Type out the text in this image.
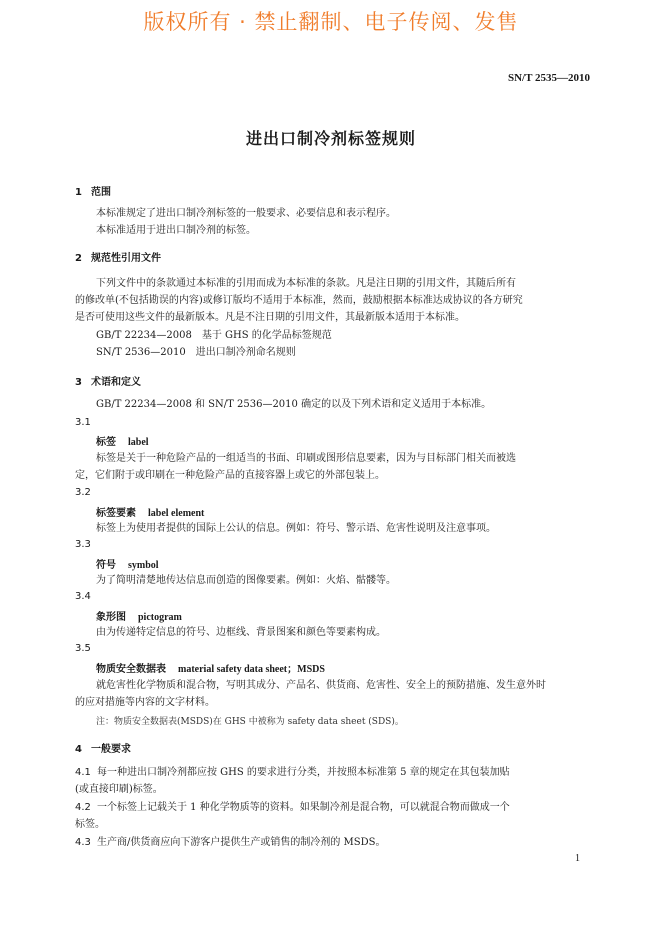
版权所有 · 禁止翻制、电子传阅、发售
SN/T 2535—2010
进出口制冷剂标签规则
1 范围
本标准规定了进出口制冷剂标签的一般要求、必要信息和表示程序。
本标准适用于进出口制冷剂的标签。
2 规范性引用文件
下列文件中的条款通过本标准的引用而成为本标准的条款。凡是注日期的引用文件，其随后所有
的修改单(不包括勘误的内容)或修订版均不适用于本标准，然而，鼓励根据本标准达成协议的各方研究
是否可使用这些文件的最新版本。凡是不注日期的引用文件，其最新版本适用于本标准。
GB/T 22234—2008　基于 GHS 的化学品标签规范
SN/T 2536—2010　进出口制冷剂命名规则
3 术语和定义
GB/T 22234—2008 和 SN/T 2536—2010 确定的以及下列术语和定义适用于本标准。
3.1
标签 label
标签是关于一种危险产品的一组适当的书面、印刷或图形信息要素，因为与目标部门相关而被选
定，它们附于或印刷在一种危险产品的直接容器上或它的外部包装上。
3.2
标签要素 label element
标签上为使用者提供的国际上公认的信息。例如：符号、警示语、危害性说明及注意事项。
3.3
符号 symbol
为了简明清楚地传达信息而创造的图像要素。例如：火焰、骷髅等。
3.4
象形图 pictogram
由为传递特定信息的符号、边框线、背景图案和颜色等要素构成。
3.5
物质安全数据表 material safety data sheet；MSDS
就危害性化学物质和混合物，写明其成分、产品名、供货商、危害性、安全上的预防措施、发生意外时
的应对措施等内容的文字材料。
注：物质安全数据表(MSDS)在 GHS 中被称为 safety data sheet (SDS)。
4 一般要求
4.1 每一种进出口制冷剂都应按 GHS 的要求进行分类，并按照本标准第 5 章的规定在其包装加贴
(或直接印刷)标签。
4.2 一个标签上记载关于 1 种化学物质等的资料。如果制冷剂是混合物，可以就混合物而做成一个
标签。
4.3 生产商/供货商应向下游客户提供生产或销售的制冷剂的 MSDS。
1
